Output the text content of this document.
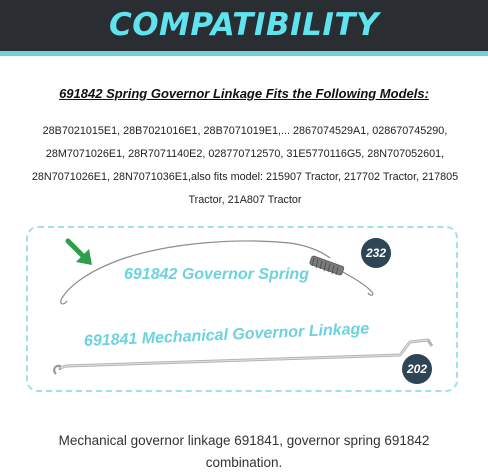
COMPATIBILITY
691842 Spring Governor Linkage Fits the Following Models:
28B7021015E1, 28B7021016E1, 28B7071019E1,... 2867074529A1, 028670745290, 28M7071026E1, 28R7071140E2, 028770712570, 31E5770116G5, 28N707052601, 28N7071026E1, 28N7071036E1,also fits model: 215907 Tractor, 217702 Tractor, 217805 Tractor, 21A807 Tractor
691842 Governor Spring
232
691841 Mechanical Governor Linkage
202
Mechanical governor linkage 691841, governor spring 691842 combination.
